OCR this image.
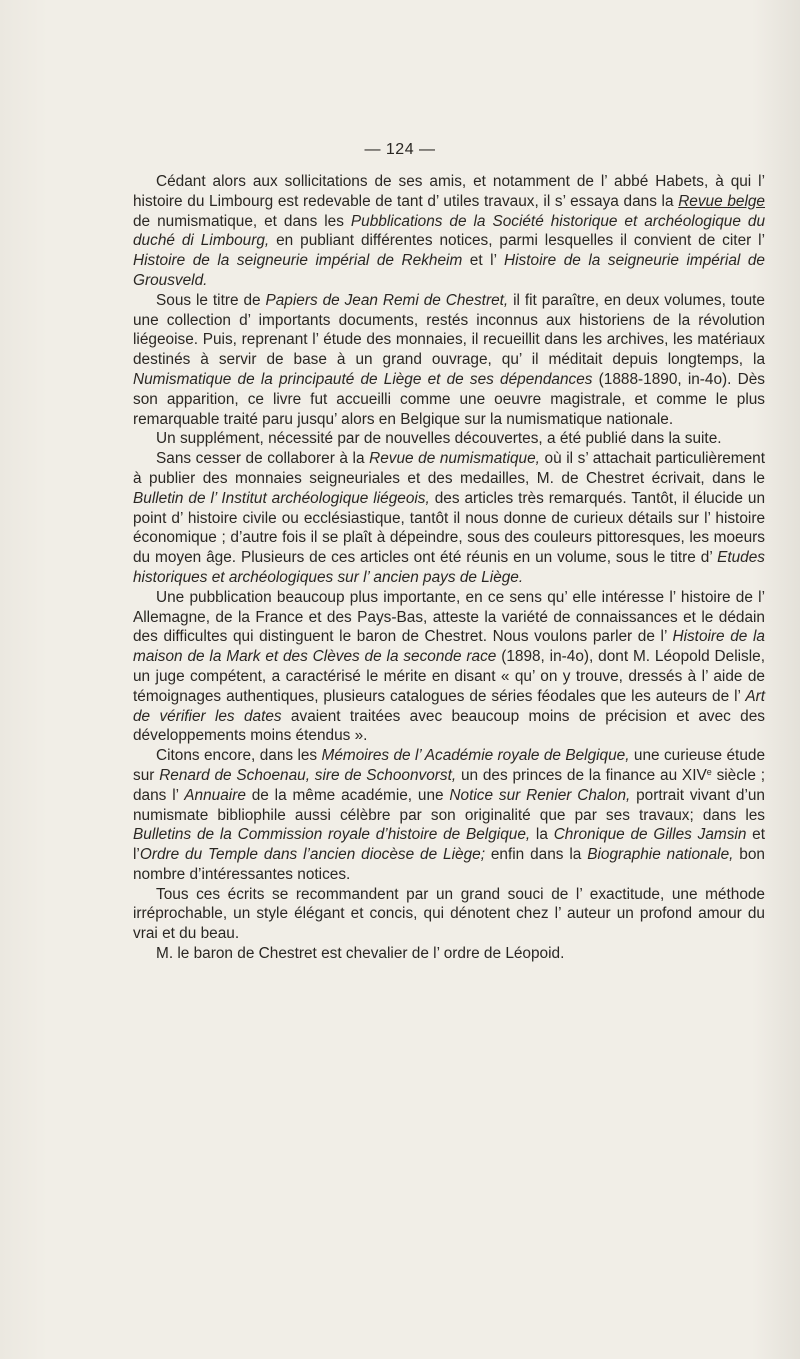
— 124 —

Cédant alors aux sollicitations de ses amis, et notamment de l’ abbé Habets, à qui l’ histoire du Limbourg est redevable de tant d’ utiles travaux, il s’ essaya dans la Revue belge de numismatique, et dans les Pubblications de la Société historique et archéologique du duché di Limbourg, en publiant différentes notices, parmi lesquelles il convient de citer l’ Histoire de la seigneurie impérial de Rekheim et l’ Histoire de la seigneurie impérial de Grousveld.

Sous le titre de Papiers de Jean Remi de Chestret, il fit paraître, en deux volumes, toute une collection d’ importants documents, restés inconnus aux historiens de la révolution liégeoise. Puis, reprenant l’ étude des monnaies, il recueillit dans les archives, les matériaux destinés à servir de base à un grand ouvrage, qu’ il méditait depuis longtemps, la Numismatique de la principauté de Liège et de ses dépendances (1888-1890, in-4o). Dès son apparition, ce livre fut accueilli comme une oeuvre magistrale, et comme le plus remarquable traité paru jusqu’ alors en Belgique sur la numismatique nationale.

Un supplément, nécessité par de nouvelles découvertes, a été publié dans la suite.

Sans cesser de collaborer à la Revue de numismatique, où il s’ attachait particulièrement à publier des monnaies seigneuriales et des medailles, M. de Chestret écrivait, dans le Bulletin de l’ Institut archéologique liégeois, des articles très remarqués. Tantôt, il élucide un point d’ histoire civile ou ecclésiastique, tantôt il nous donne de curieux détails sur l’ histoire économique ; d’autre fois il se plaît à dépeindre, sous des couleurs pittoresques, les moeurs du moyen âge. Plusieurs de ces articles ont été réunis en un volume, sous le titre d’ Etudes historiques et archéologiques sur l’ ancien pays de Liège.

Une pubblication beaucoup plus importante, en ce sens qu’ elle intéresse l’ histoire de l’ Allemagne, de la France et des Pays-Bas, atteste la variété de connaissances et le dédain des difficultes qui distinguent le baron de Chestret. Nous voulons parler de l’ Histoire de la maison de la Mark et des Clèves de la seconde race (1898, in-4o), dont M. Léopold Delisle, un juge compétent, a caractérisé le mérite en disant « qu’ on y trouve, dressés à l’ aide de témoignages authentiques, plusieurs catalogues de séries féodales que les auteurs de l’ Art de vérifier les dates avaient traitées avec beaucoup moins de précision et avec des développements moins étendus ».

Citons encore, dans les Mémoires de l’ Académie royale de Belgique, une curieuse étude sur Renard de Schoenau, sire de Schoonvorst, un des princes de la finance au XIVe siècle ; dans l’ Annuaire de la même académie, une Notice sur Renier Chalon, portrait vivant d’un numismate bibliophile aussi célèbre par son originalité que par ses travaux; dans les Bulletins de la Commission royale d’histoire de Belgique, la Chronique de Gilles Jamsin et l’Ordre du Temple dans l’ancien diocèse de Liège; enfin dans la Biographie nationale, bon nombre d’intéressantes notices.

Tous ces écrits se recommandent par un grand souci de l’ exactitude, une méthode irréprochable, un style élégant et concis, qui dénotent chez l’ auteur un profond amour du vrai et du beau.

M. le baron de Chestret est chevalier de l’ ordre de Léopoid.
